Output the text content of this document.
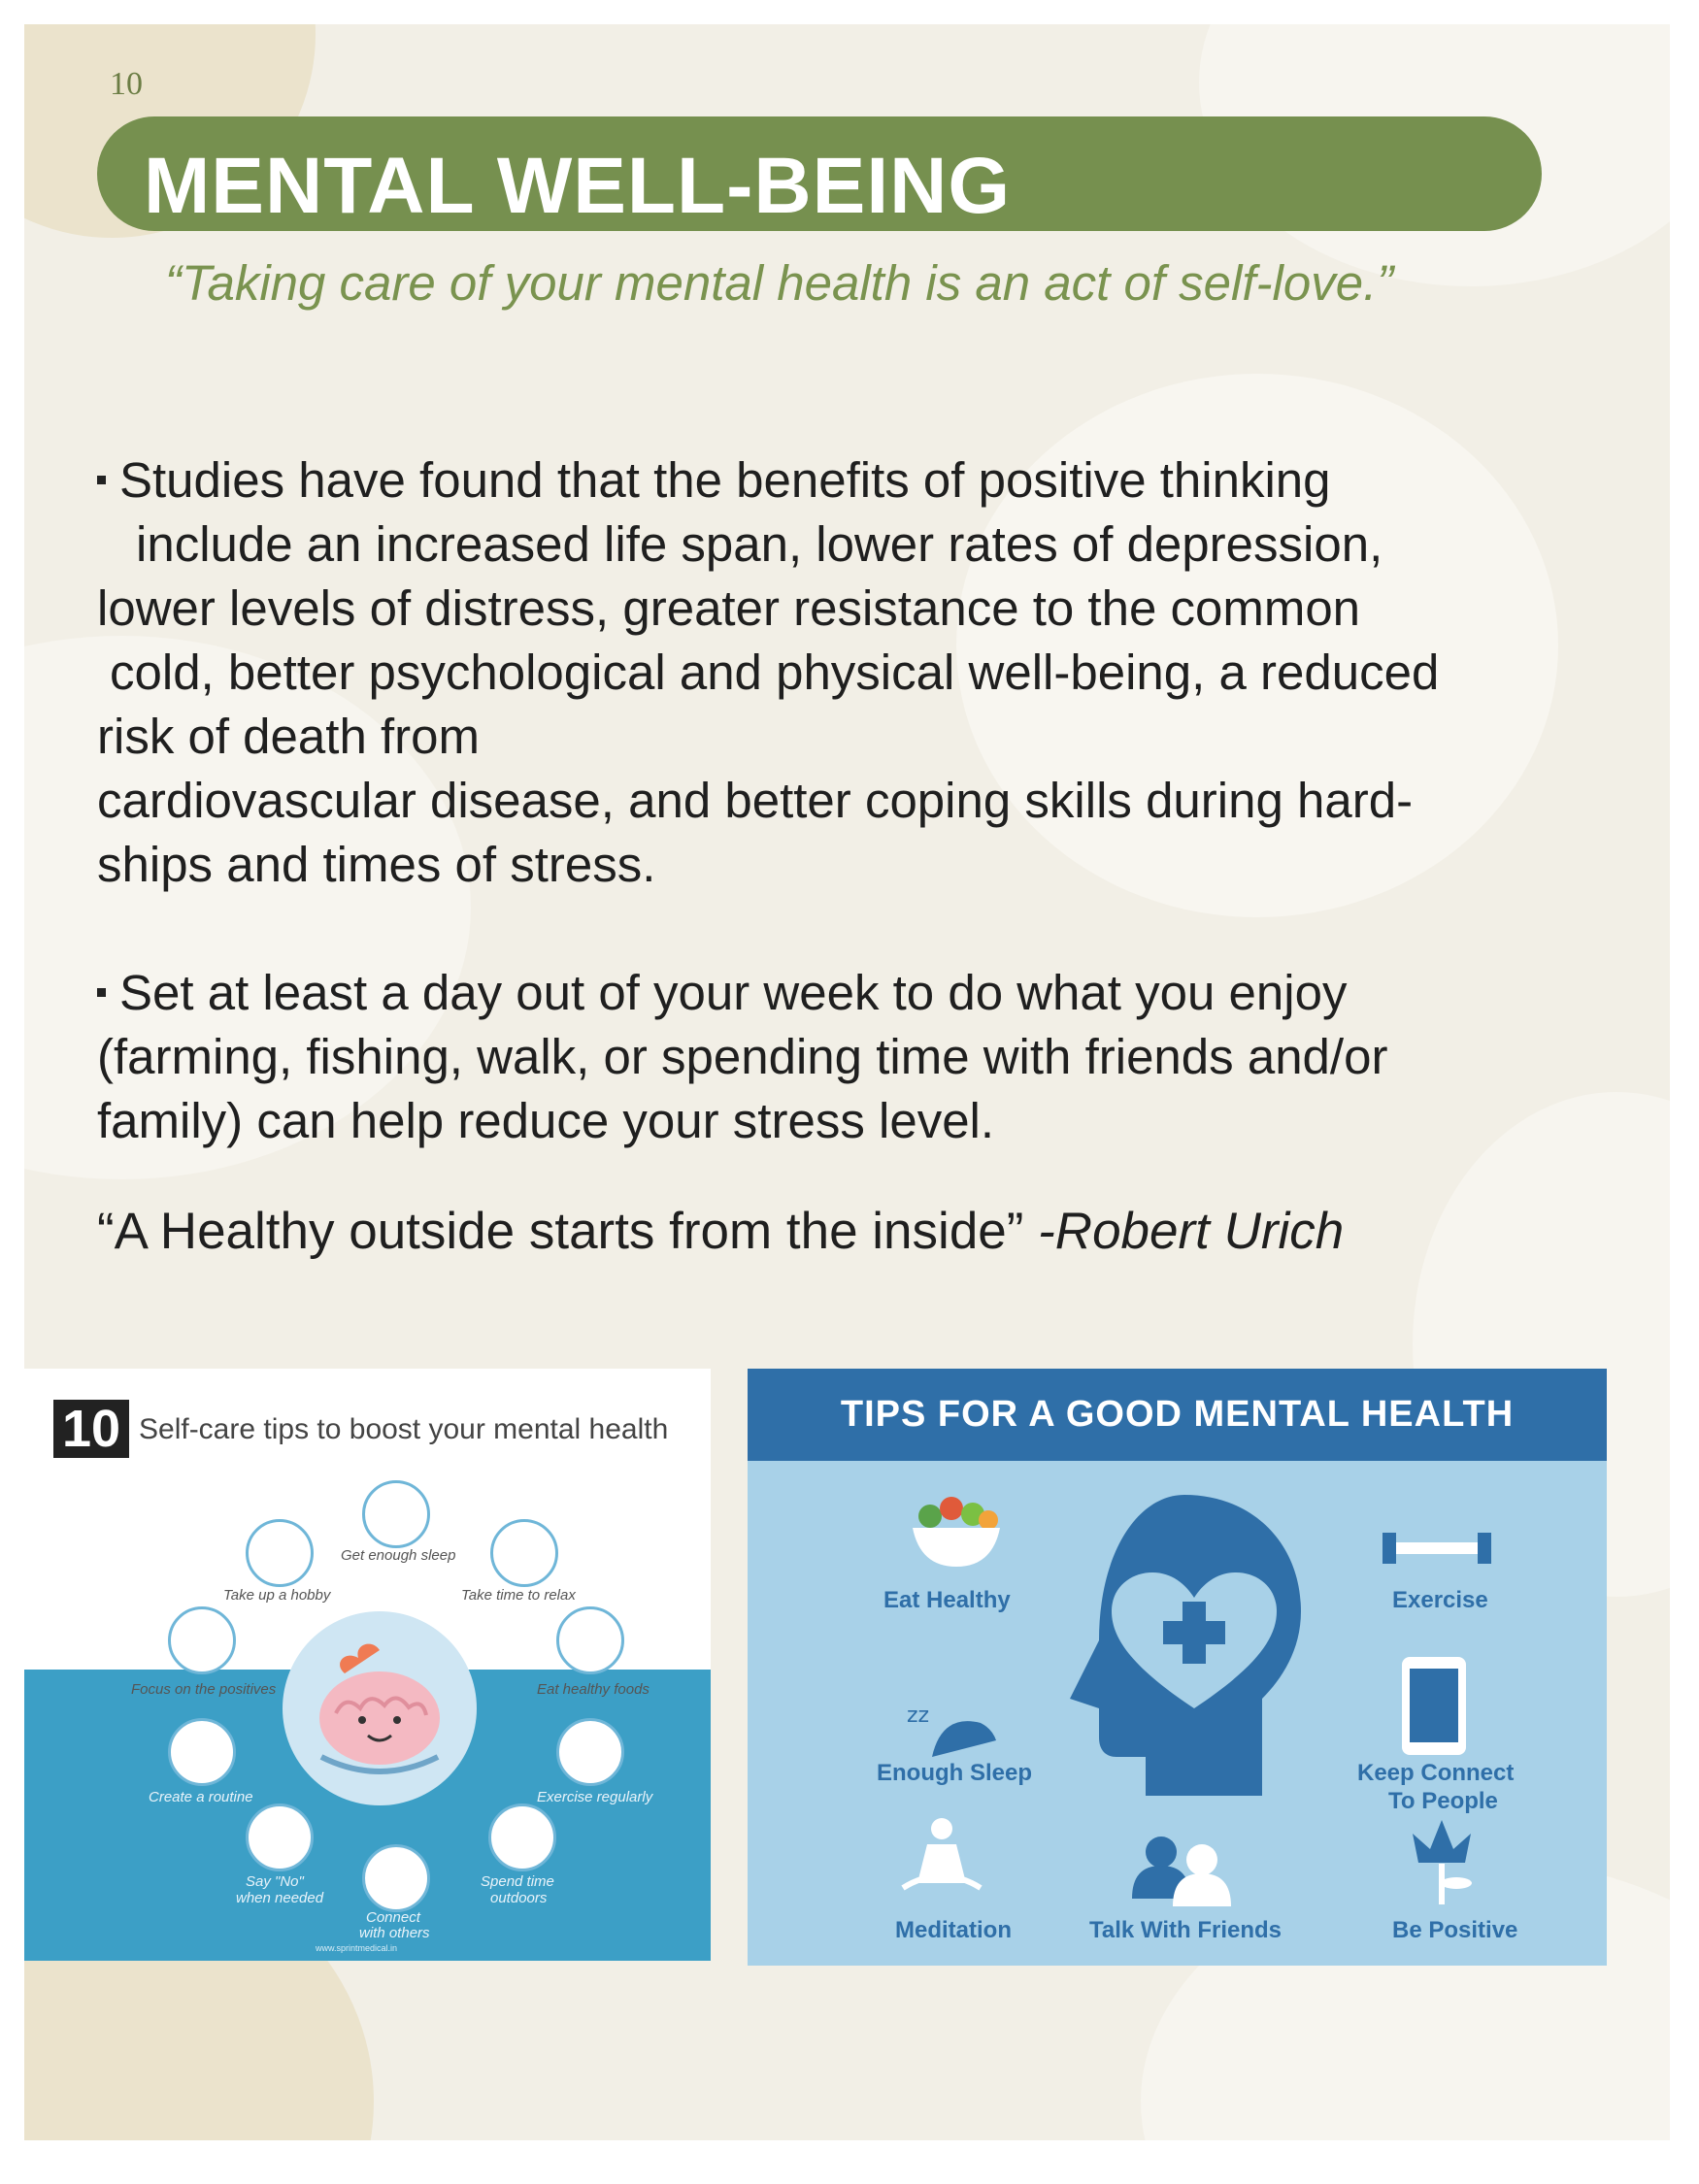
10
MENTAL WELL-BEING
“Taking care of your mental health is an act of self-love.”
Studies have found that the benefits of positive thinking
include an increased life span, lower rates of depression,
lower levels of distress, greater resistance to the common
cold, better psychological and physical well-being, a reduced
risk of death from
cardiovascular disease, and better coping skills during hard-
ships and times of stress.
Set at least a day out of your week to do what you enjoy
(farming, fishing, walk, or spending time with friends and/or
family) can help reduce your stress level.
“A Healthy outside starts from the inside” -Robert Urich
10 Self-care tips to boost your mental health
Get enough sleep
Take up a hobby	Take time to relax
Focus on the positives	Eat healthy foods
Create a routine	Exercise regularly
Say "No"
when needed
Spend time
outdoors
Connect
with others
www.sprintmedical.in
TIPS FOR A GOOD MENTAL HEALTH
Eat Healthy	Exercise
zz
Enough Sleep	Keep Connect
To People
Meditation	Talk With Friends	Be Positive
